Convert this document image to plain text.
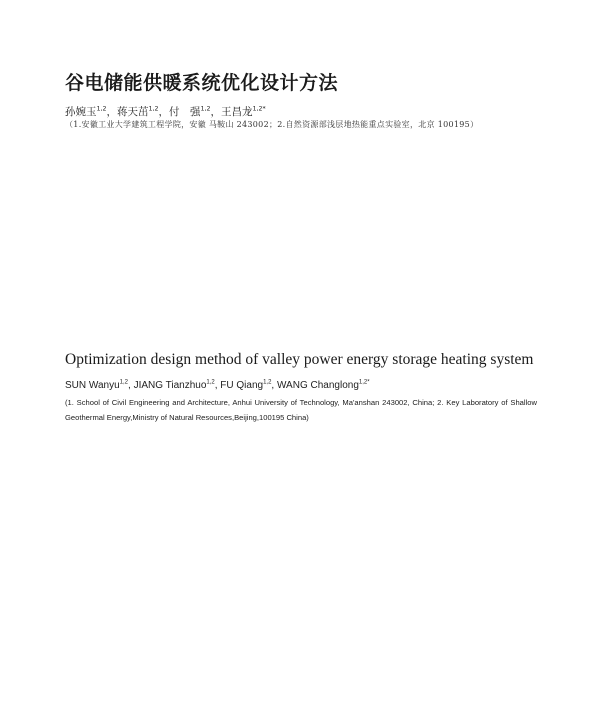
谷电储能供暖系统优化设计方法
孙婉玉$^{1,2}$，蒋天茁$^{1,2}$，付　强$^{1,2}$，王昌龙$^{1,2*}$
（1.安徽工业大学建筑工程学院，安徽 马鞍山 243002；2.自然资源部浅层地热能重点实验室，北京 100195）
Optimization design method of valley power energy storage heating system
SUN Wanyu$^{1,2}$, JIANG Tianzhuo$^{1,2}$, FU Qiang$^{1,2}$, WANG Changlong$^{1,2*}$
(1. School of Civil Engineering and Architecture, Anhui University of Technology, Ma'anshan 243002, China; 2. Key Laboratory of Shallow Geothermal Energy,Ministry of Natural Resources,Beijing,100195 China)
